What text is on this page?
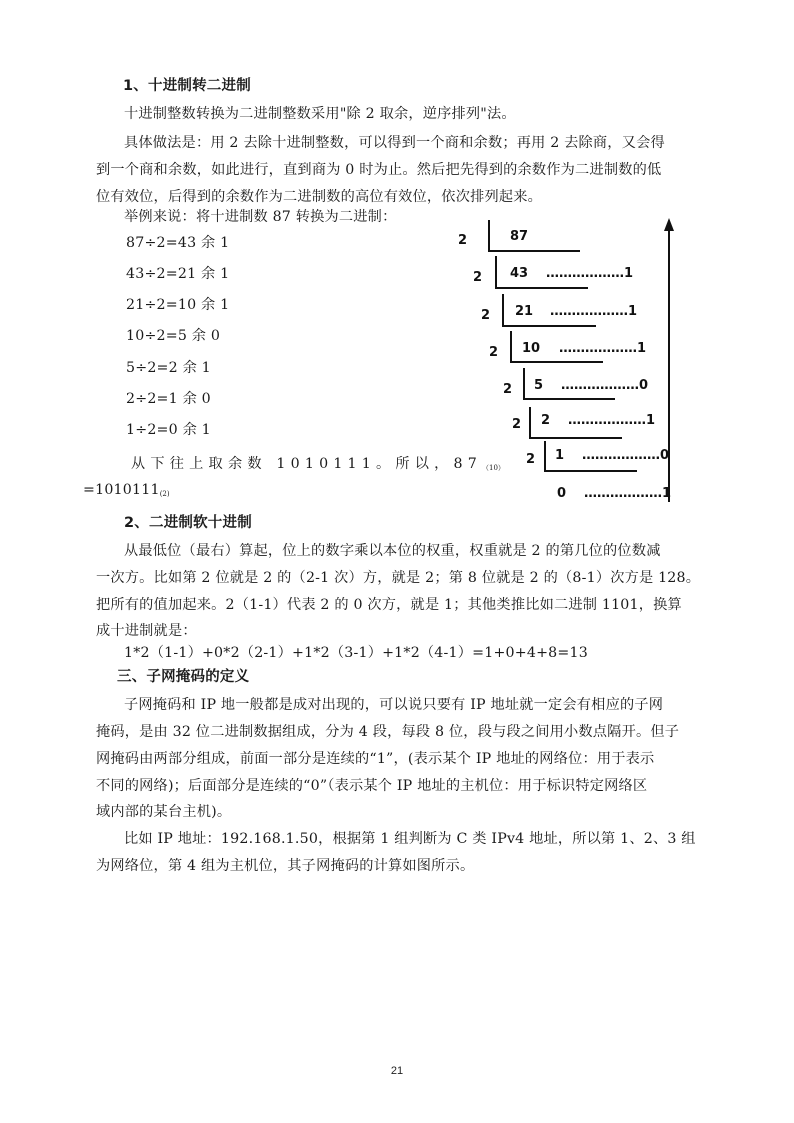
1、十进制转二进制
十进制整数转换为二进制整数采用"除 2 取余，逆序排列"法。
具体做法是：用 2 去除十进制整数，可以得到一个商和余数；再用 2 去除商，又会得
到一个商和余数，如此进行，直到商为 0 时为止。然后把先得到的余数作为二进制数的低
位有效位，后得到的余数作为二进制数的高位有效位，依次排列起来。
举例来说：将十进制数 87 转换为二进制：
87÷2=43 余 1
43÷2=21 余 1
21÷2=10 余 1
10÷2=5 余 0
5÷2=2 余 1
2÷2=1 余 0
1÷2=0 余 1
从下往上取余数 1010111。所以，$87_{(10)}$
$=1010111_{(2)}$
2	87
2 43 ………………1
2 21 ………………1
2 10 ………………1
2 5 ………………0
2 2 ………………1
2 1 ………………0
0 ………………1
2、二进制软十进制
从最低位（最右）算起，位上的数字乘以本位的权重，权重就是 2 的第几位的位数减
一次方。比如第 2 位就是 2 的（2-1 次）方，就是 2；第 8 位就是 2 的（8-1）次方是 128。
把所有的值加起来。2（1-1）代表 2 的 0 次方，就是 1；其他类推比如二进制 1101，换算
成十进制就是：
1*2（1-1）+0*2（2-1）+1*2（3-1）+1*2（4-1）=1+0+4+8=13
三、子网掩码的定义
子网掩码和 IP 地一般都是成对出现的，可以说只要有 IP 地址就一定会有相应的子网
掩码，是由 32 位二进制数据组成，分为 4 段，每段 8 位，段与段之间用小数点隔开。但子
网掩码由两部分组成，前面一部分是连续的“1”，(表示某个 IP 地址的网络位：用于表示
不同的网络)；后面部分是连续的“0”（表示某个 IP 地址的主机位：用于标识特定网络区
域内部的某台主机)。
比如 IP 地址：192.168.1.50，根据第 1 组判断为 C 类 IPv4 地址，所以第 1、2、3 组
为网络位，第 4 组为主机位，其子网掩码的计算如图所示。
21
